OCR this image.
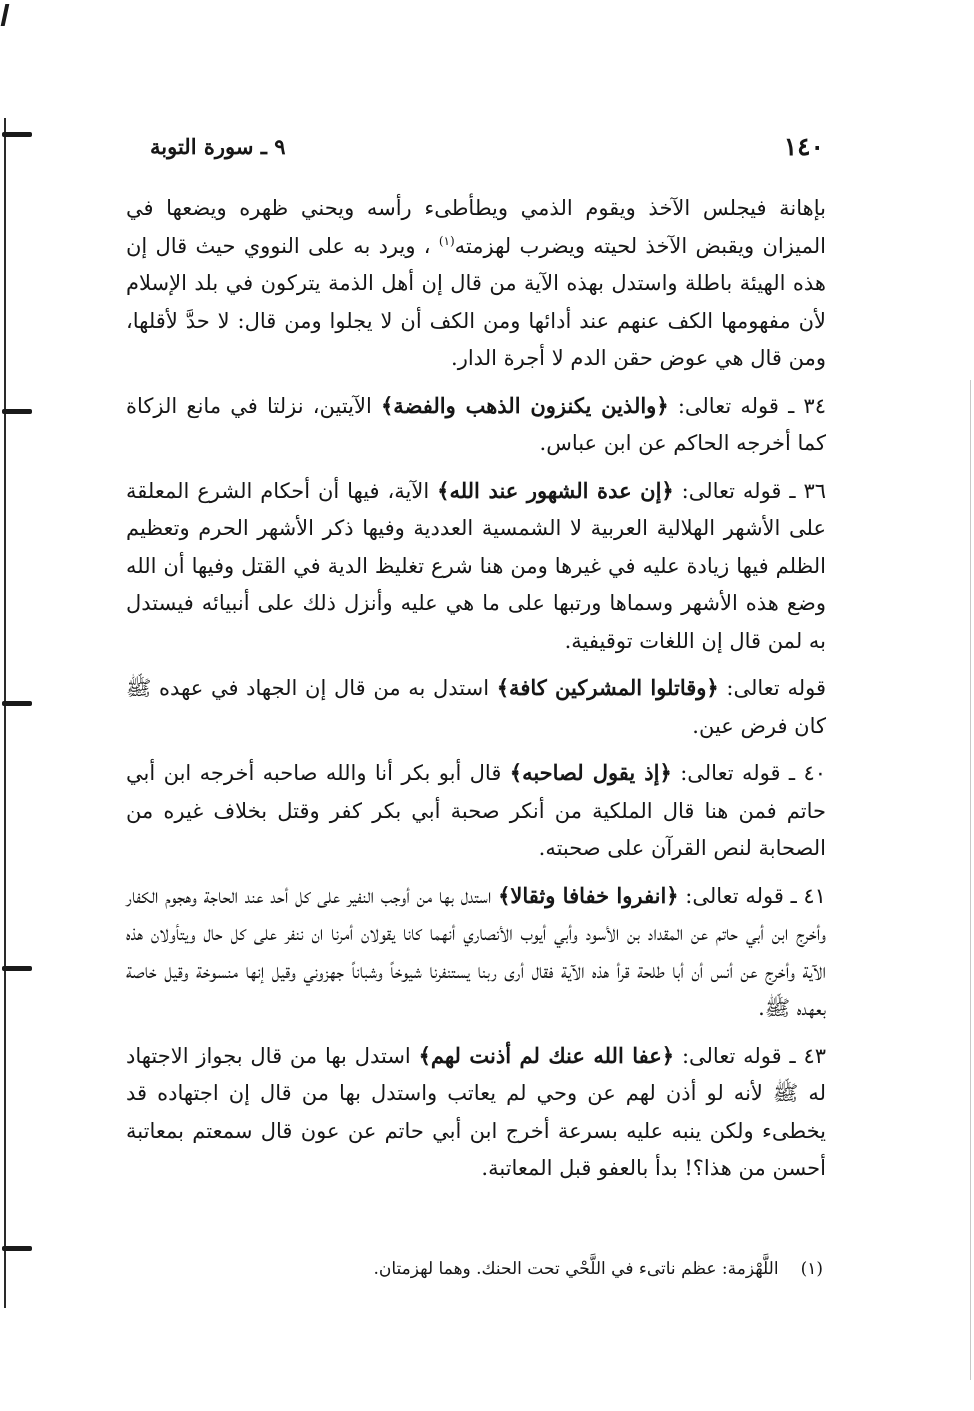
١٤٠
٩ ـ سورة التوبة

بإهانة فيجلس الآخذ ويقوم الذمي ويطأطىء رأسه ويحني ظهره ويضعها في الميزان ويقبض الآخذ لحيته ويضرب لهزمته$^{(١)}$ ، ويرد به على النووي حيث قال إن هذه الهيئة باطلة واستدل بهذه الآية من قال إن أهل الذمة يتركون في بلد الإسلام لأن مفهومها الكف عنهم عند أدائها ومن الكف أن لا يجلوا ومن قال: لا حدَّ لأقلها، ومن قال هي عوض حقن الدم لا أجرة الدار.

٣٤ ـ قوله تعالى: ﴿والذين يكنزون الذهب والفضة﴾ الآيتين، نزلتا في مانع الزكاة كما أخرجه الحاكم عن ابن عباس.

٣٦ ـ قوله تعالى: ﴿إن عدة الشهور عند الله﴾ الآية، فيها أن أحكام الشرع المعلقة على الأشهر الهلالية العربية لا الشمسية العددية وفيها ذكر الأشهر الحرم وتعظيم الظلم فيها زيادة عليه في غيرها ومن هنا شرع تغليظ الدية في القتل وفيها أن الله وضع هذه الأشهر وسماها ورتبها على ما هي عليه وأنزل ذلك على أنبيائه فيستدل به لمن قال إن اللغات توقيفية.

قوله تعالى: ﴿وقاتلوا المشركين كافة﴾ استدل به من قال إن الجهاد في عهده ﷺ كان فرض عين.

٤٠ ـ قوله تعالى: ﴿إذ يقول لصاحبه﴾ قال أبو بكر أنا والله صاحبه أخرجه ابن أبي حاتم فمن هنا قال الملكية من أنكر صحبة أبي بكر كفر وقتل بخلاف غيره من الصحابة لنص القرآن على صحبته.

٤١ ـ قوله تعالى: ﴿انفروا خفافا وثقالا﴾ استدل بها من أوجب النفير على كل أحد عند الحاجة وهجوم الكفار وأخرج ابن أبي حاتم عن المقداد بن الأسود وأبي أيوب الأنصاري أنهما كانا يقولان أمرنا ان ننفر على كل حال ويتأولان هذه الآية وأخرج عن أنس أن أبا طلحة قرأ هذه الآية فقال أرى ربنا يستنفرنا شيوخاً وشباناً جهزوني وقيل إنها منسوخة وقيل خاصة بعهده ﷺ.

٤٣ ـ قوله تعالى: ﴿عفا الله عنك لم أذنت لهم﴾ استدل بها من قال بجواز الاجتهاد له ﷺ لأنه لو أذن لهم عن وحي لم يعاتب واستدل بها من قال إن اجتهاده قد يخطىء ولكن ينبه عليه بسرعة أخرج ابن أبي حاتم عن عون قال سمعتم بمعاتبة أحسن من هذا؟! بدأ بالعفو قبل المعاتبة.

(١)اللَّهْزمة: عظم ناتىء في اللَّحْي تحت الحنك. وهما لهزمتان.
